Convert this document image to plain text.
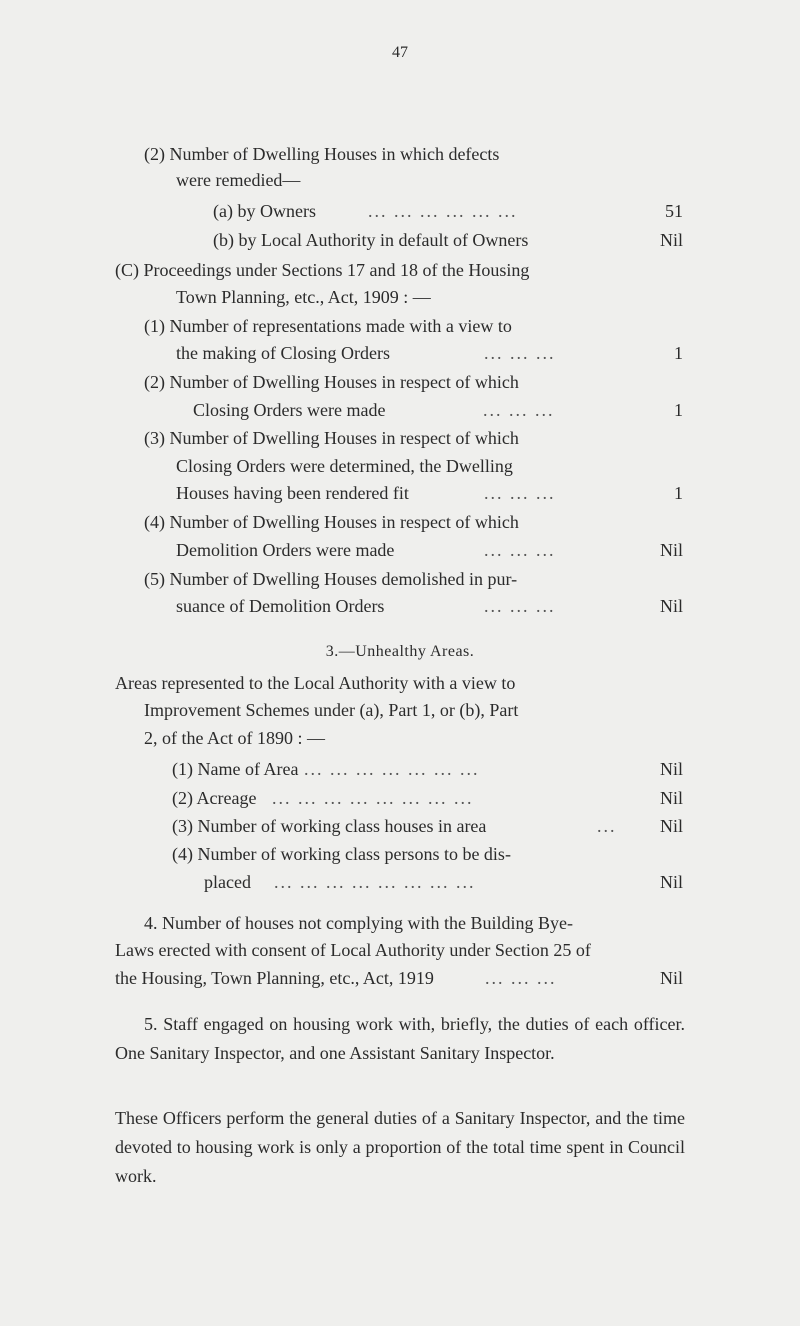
47
(2) Number of Dwelling Houses in which defects
were remedied—
(a) by Owners	... ... ... ... ... ...	51
(b) by Local Authority in default of Owners	Nil
(C) Proceedings under Sections 17 and 18 of the Housing
Town Planning, etc., Act, 1909 : —
(1) Number of representations made with a view to
the making of Closing Orders	... ... ...	1
(2) Number of Dwelling Houses in respect of which
Closing Orders were made	... ... ...	1
(3) Number of Dwelling Houses in respect of which
Closing Orders were determined, the Dwelling
Houses having been rendered fit	... ... ...	1
(4) Number of Dwelling Houses in respect of which
Demolition Orders were made	... ... ...	Nil
(5) Number of Dwelling Houses demolished in pur-
suance of Demolition Orders	... ... ...	Nil
3.—Unhealthy Areas.
Areas represented to the Local Authority with a view to
Improvement Schemes under (a), Part 1, or (b), Part
2, of the Act of 1890 : —
(1) Name of Area ... ... ... ... ... ... ...	Nil
(2) Acreage ... ... ... ... ... ... ... ...	Nil
(3) Number of working class houses in area	... Nil
(4) Number of working class persons to be dis-
placed ... ... ... ... ... ... ... ...	Nil
4. Number of houses not complying with the Building Bye-
Laws erected with consent of Local Authority under Section 25 of
the Housing, Town Planning, etc., Act, 1919	... ... ...	Nil
5. Staff engaged on housing work with, briefly, the duties of each officer. One Sanitary Inspector, and one Assistant Sanitary Inspector.
These Officers perform the general duties of a Sanitary Inspector, and the time devoted to housing work is only a proportion of the total time spent in Council work.
